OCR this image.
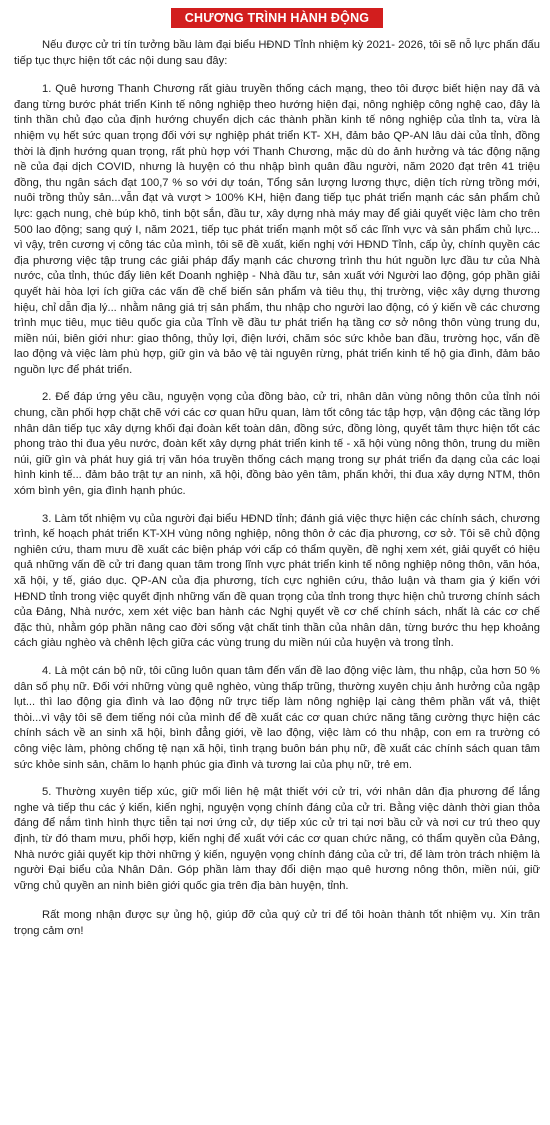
CHƯƠNG TRÌNH HÀNH ĐỘNG

Nếu được cử tri tín tưởng bầu làm đại biểu HĐND Tỉnh nhiệm kỳ 2021- 2026, tôi sẽ nỗ lực phấn đấu tiếp tục thực hiện tốt các nội dung sau đây:

1. Quê hương Thanh Chương rất giàu truyền thống cách mạng, theo tôi được biết hiện nay đã và đang từng bước phát triển Kinh tế nông nghiệp theo hướng hiện đại, nông nghiệp công nghệ cao, đây là tinh thần chủ đạo của định hướng chuyển dịch các thành phần kinh tế nông nghiệp của tỉnh ta, vừa là nhiệm vụ hết sức quan trọng đối với sự nghiệp phát triển KT- XH, đảm bảo QP-AN lâu dài của tỉnh, đồng thời là định hướng quan trọng, rất phù hợp với Thanh Chương, mặc dù do ảnh hưởng và tác động nặng nề của đại dịch COVID, nhưng là huyện có thu nhập bình quân đầu người, năm 2020 đạt trên 41 triệu đồng, thu ngân sách đạt 100,7 % so với dự toán, Tổng sản lượng lương thực, diện tích rừng trồng mới, nuôi trồng thủy sản...vẫn đạt và vượt > 100% KH, hiện đang tiếp tục phát triển mạnh các sản phẩm chủ lực: gạch nung, chè búp khô, tinh bột sắn, đầu tư, xây dựng nhà máy may để giải quyết việc làm cho trên 500 lao động; sang quý I, năm 2021, tiếp tục phát triển mạnh một số các lĩnh vực và sản phẩm chủ lực... vì vậy, trên cương vị công tác của mình, tôi sẽ đề xuất, kiến nghị với HĐND Tỉnh, cấp ủy, chính quyền các địa phương việc tập trung các giải pháp đẩy mạnh các chương trình thu hút nguồn lực đầu tư của Nhà nước, của tỉnh, thúc đẩy liên kết Doanh nghiệp - Nhà đầu tư, sản xuất với Người lao động, góp phần giải quyết hài hòa lợi ích giữa các vấn đề chế biến sản phẩm và tiêu thụ, thị trường, việc xây dựng thương hiệu, chỉ dẫn địa lý... nhằm nâng giá trị sản phẩm, thu nhập cho người lao động, có ý kiến về các chương trình mục tiêu, mục tiêu quốc gia của Tỉnh về đầu tư phát triển hạ tầng cơ sở nông thôn vùng trung du, miền núi, biên giới như: giao thông, thủy lợi, điện lưới, chăm sóc sức khỏe ban đầu, trường học, vấn đề lao động và việc làm phù hợp, giữ gìn và bảo vệ tài nguyên rừng, phát triển kinh tế hộ gia đình, đảm bảo nguồn lực để phát triển.

2. Để đáp ứng yêu cầu, nguyện vọng của đồng bào, cử tri, nhân dân vùng nông thôn của tỉnh nói chung, cần phối hợp chặt chẽ với các cơ quan hữu quan, làm tốt công tác tập hợp, vận động các tầng lớp nhân dân tiếp tục xây dựng khối đại đoàn kết toàn dân, đồng sức, đồng lòng, quyết tâm thực hiện tốt các phong trào thi đua yêu nước, đoàn kết xây dựng phát triển kinh tế - xã hội vùng nông thôn, trung du miền núi, giữ gìn và phát huy giá trị văn hóa truyền thống cách mạng trong sự phát triển đa dạng của các loại hình kinh tế... đảm bảo trật tự an ninh, xã hội, đồng bào yên tâm, phấn khởi, thi đua xây dựng NTM, thôn xóm bình yên, gia đình hạnh phúc.

3. Làm tốt nhiệm vụ của người đại biểu HĐND tỉnh; đánh giá việc thực hiện các chính sách, chương trình, kế hoạch phát triển KT-XH vùng nông nghiệp, nông thôn ở các địa phương, cơ sở. Tôi sẽ chủ động nghiên cứu, tham mưu đề xuất các biện pháp với cấp có thẩm quyền, đề nghị xem xét, giải quyết có hiệu quả những vấn đề cử tri đang quan tâm trong lĩnh vực phát triển kinh tế nông nghiệp nông thôn, văn hóa, xã hội, y tế, giáo dục. QP-AN của địa phương, tích cực nghiên cứu, thảo luận và tham gia ý kiến với HĐND tỉnh trong việc quyết định những vấn đề quan trọng của tỉnh trong thực hiện chủ trương chính sách của Đảng, Nhà nước, xem xét việc ban hành các Nghị quyết về cơ chế chính sách, nhất là các cơ chế đặc thù, nhằm góp phần nâng cao đời sống vật chất tinh thần của nhân dân, từng bước thu hẹp khoảng cách giàu nghèo và chênh lệch giữa các vùng trung du miền núi của huyện và trong tỉnh.

4. Là một cán bộ nữ, tôi cũng luôn quan tâm đến vấn đề lao động việc làm, thu nhập, của hơn 50 % dân số phụ nữ. Đối với những vùng quê nghèo, vùng thấp trũng, thường xuyên chịu ảnh hưởng của ngập lụt... thì lao động gia đình và lao động nữ trực tiếp làm nông nghiệp lại càng thêm phần vất vả, thiệt thòi...vì vậy tôi sẽ đem tiếng nói của mình để đề xuất các cơ quan chức năng tăng cường thực hiện các chính sách về an sinh xã hội, bình đẳng giới, về lao động, việc làm có thu nhập, con em ra trường có công việc làm, phòng chống tệ nạn xã hội, tình trạng buôn bán phụ nữ, đề xuất các chính sách quan tâm sức khỏe sinh sản, chăm lo hạnh phúc gia đình và tương lai của phụ nữ, trẻ em.

5. Thường xuyên tiếp xúc, giữ mối liên hệ mật thiết với cử tri, với nhân dân địa phương để lắng nghe và tiếp thu các ý kiến, kiến nghị, nguyện vọng chính đáng của cử tri. Bằng việc dành thời gian thỏa đáng để nắm tình hình thực tiễn tại nơi ứng cử, dự tiếp xúc cử tri tại nơi bầu cử và nơi cư trú theo quy định, từ đó tham mưu, phối hợp, kiến nghị để xuất với các cơ quan chức năng, có thẩm quyền của Đảng, Nhà nước giải quyết kịp thời những ý kiến, nguyện vọng chính đáng của cử tri, để làm tròn trách nhiệm là người Đại biểu của Nhân Dân. Góp phần làm thay đổi diện mạo quê hương nông thôn, miền núi, giữ vững chủ quyền an ninh biên giới quốc gia trên địa bàn huyện, tỉnh.

Rất mong nhận được sự ủng hộ, giúp đỡ của quý cử tri để tôi hoàn thành tốt nhiệm vụ. Xin trân trọng cảm ơn!
